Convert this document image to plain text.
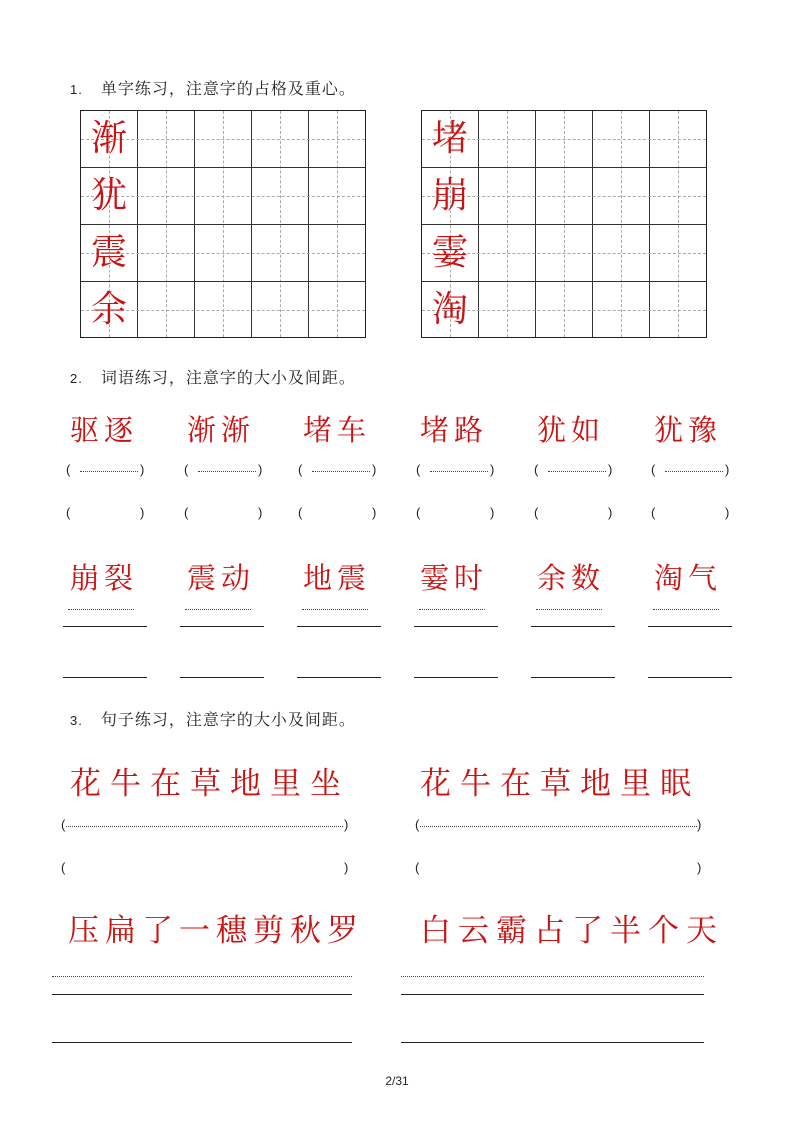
1. 单字练习，注意字的占格及重心。
渐
犹
震
余
堵
崩
霎
淘
2. 词语练习，注意字的大小及间距。
驱逐 渐渐 堵车 堵路 犹如 犹豫
(	)	(	)	(	)	(	)	(	)	(	)
(	)	(	)	(	)	(	)	(	)	(	)
崩裂 震动 地震 霎时 余数 淘气
3. 句子练习，注意字的大小及间距。
花牛在草地里坐 花牛在草地里眠
(	)	(	)
(	)	(	)
压扁了一穗剪秋罗 白云霸占了半个天
2/31
